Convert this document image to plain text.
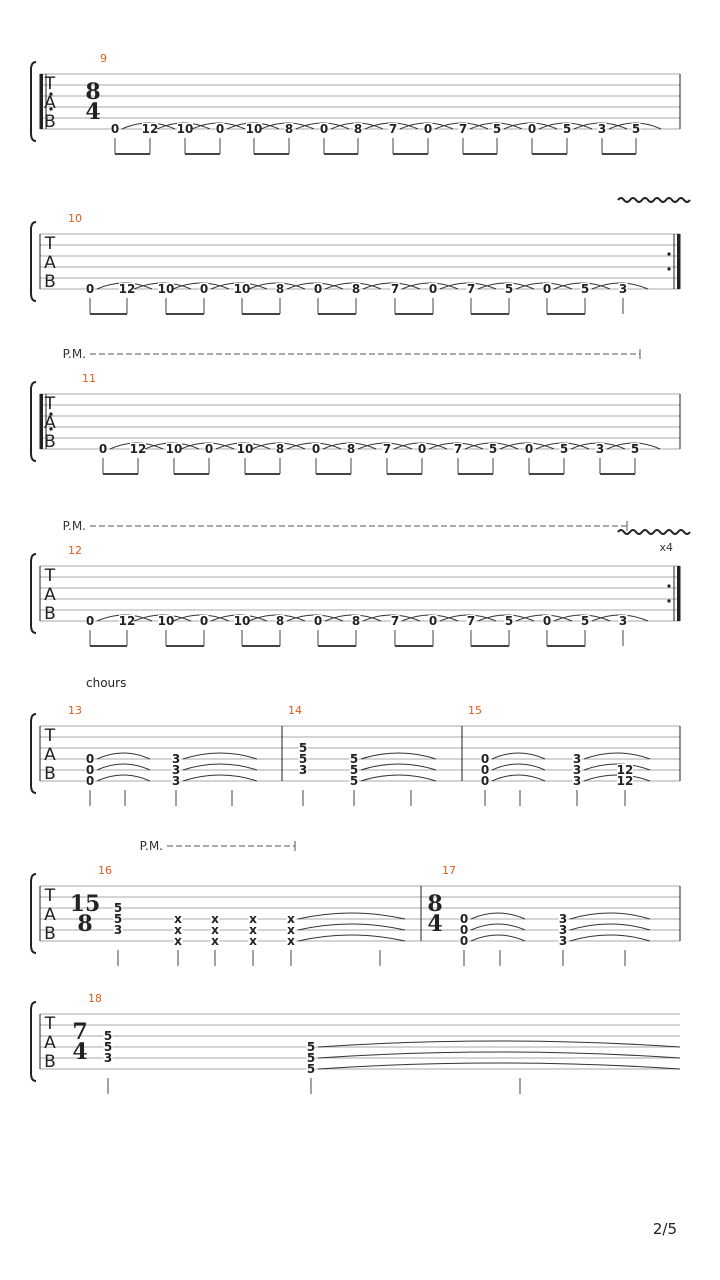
T
A
B
9
8
4
0 12 10 0 10 8 0 8 7 0 7 5 0 5 3 5
T
A
B
10
0 12 10 0 10 8 0 8	7 0 7 5 0 5 3
T
A
B
P.M.
11
0 12 10 0 10 8 0 8 7 0 7 5 0 5 3 5
T
A
B
P.M.
x4
12
0 12 10 0 10 8 0 8	7 0 7 5 0 5 3
T
A
B
chours
13
0
0
0
3
3
3
14
5
5
3
5
5
5
15
0
0
0
3
3
3
12
12
T
A
B
P.M.
16
15
8
5
5
3
x
x
x
x
x
x
x
x
x
x
x
x
17
8
4 0
0
0
3
3
3
T
A
B
18
7
4
5
5
3
5
5
5
2/5
